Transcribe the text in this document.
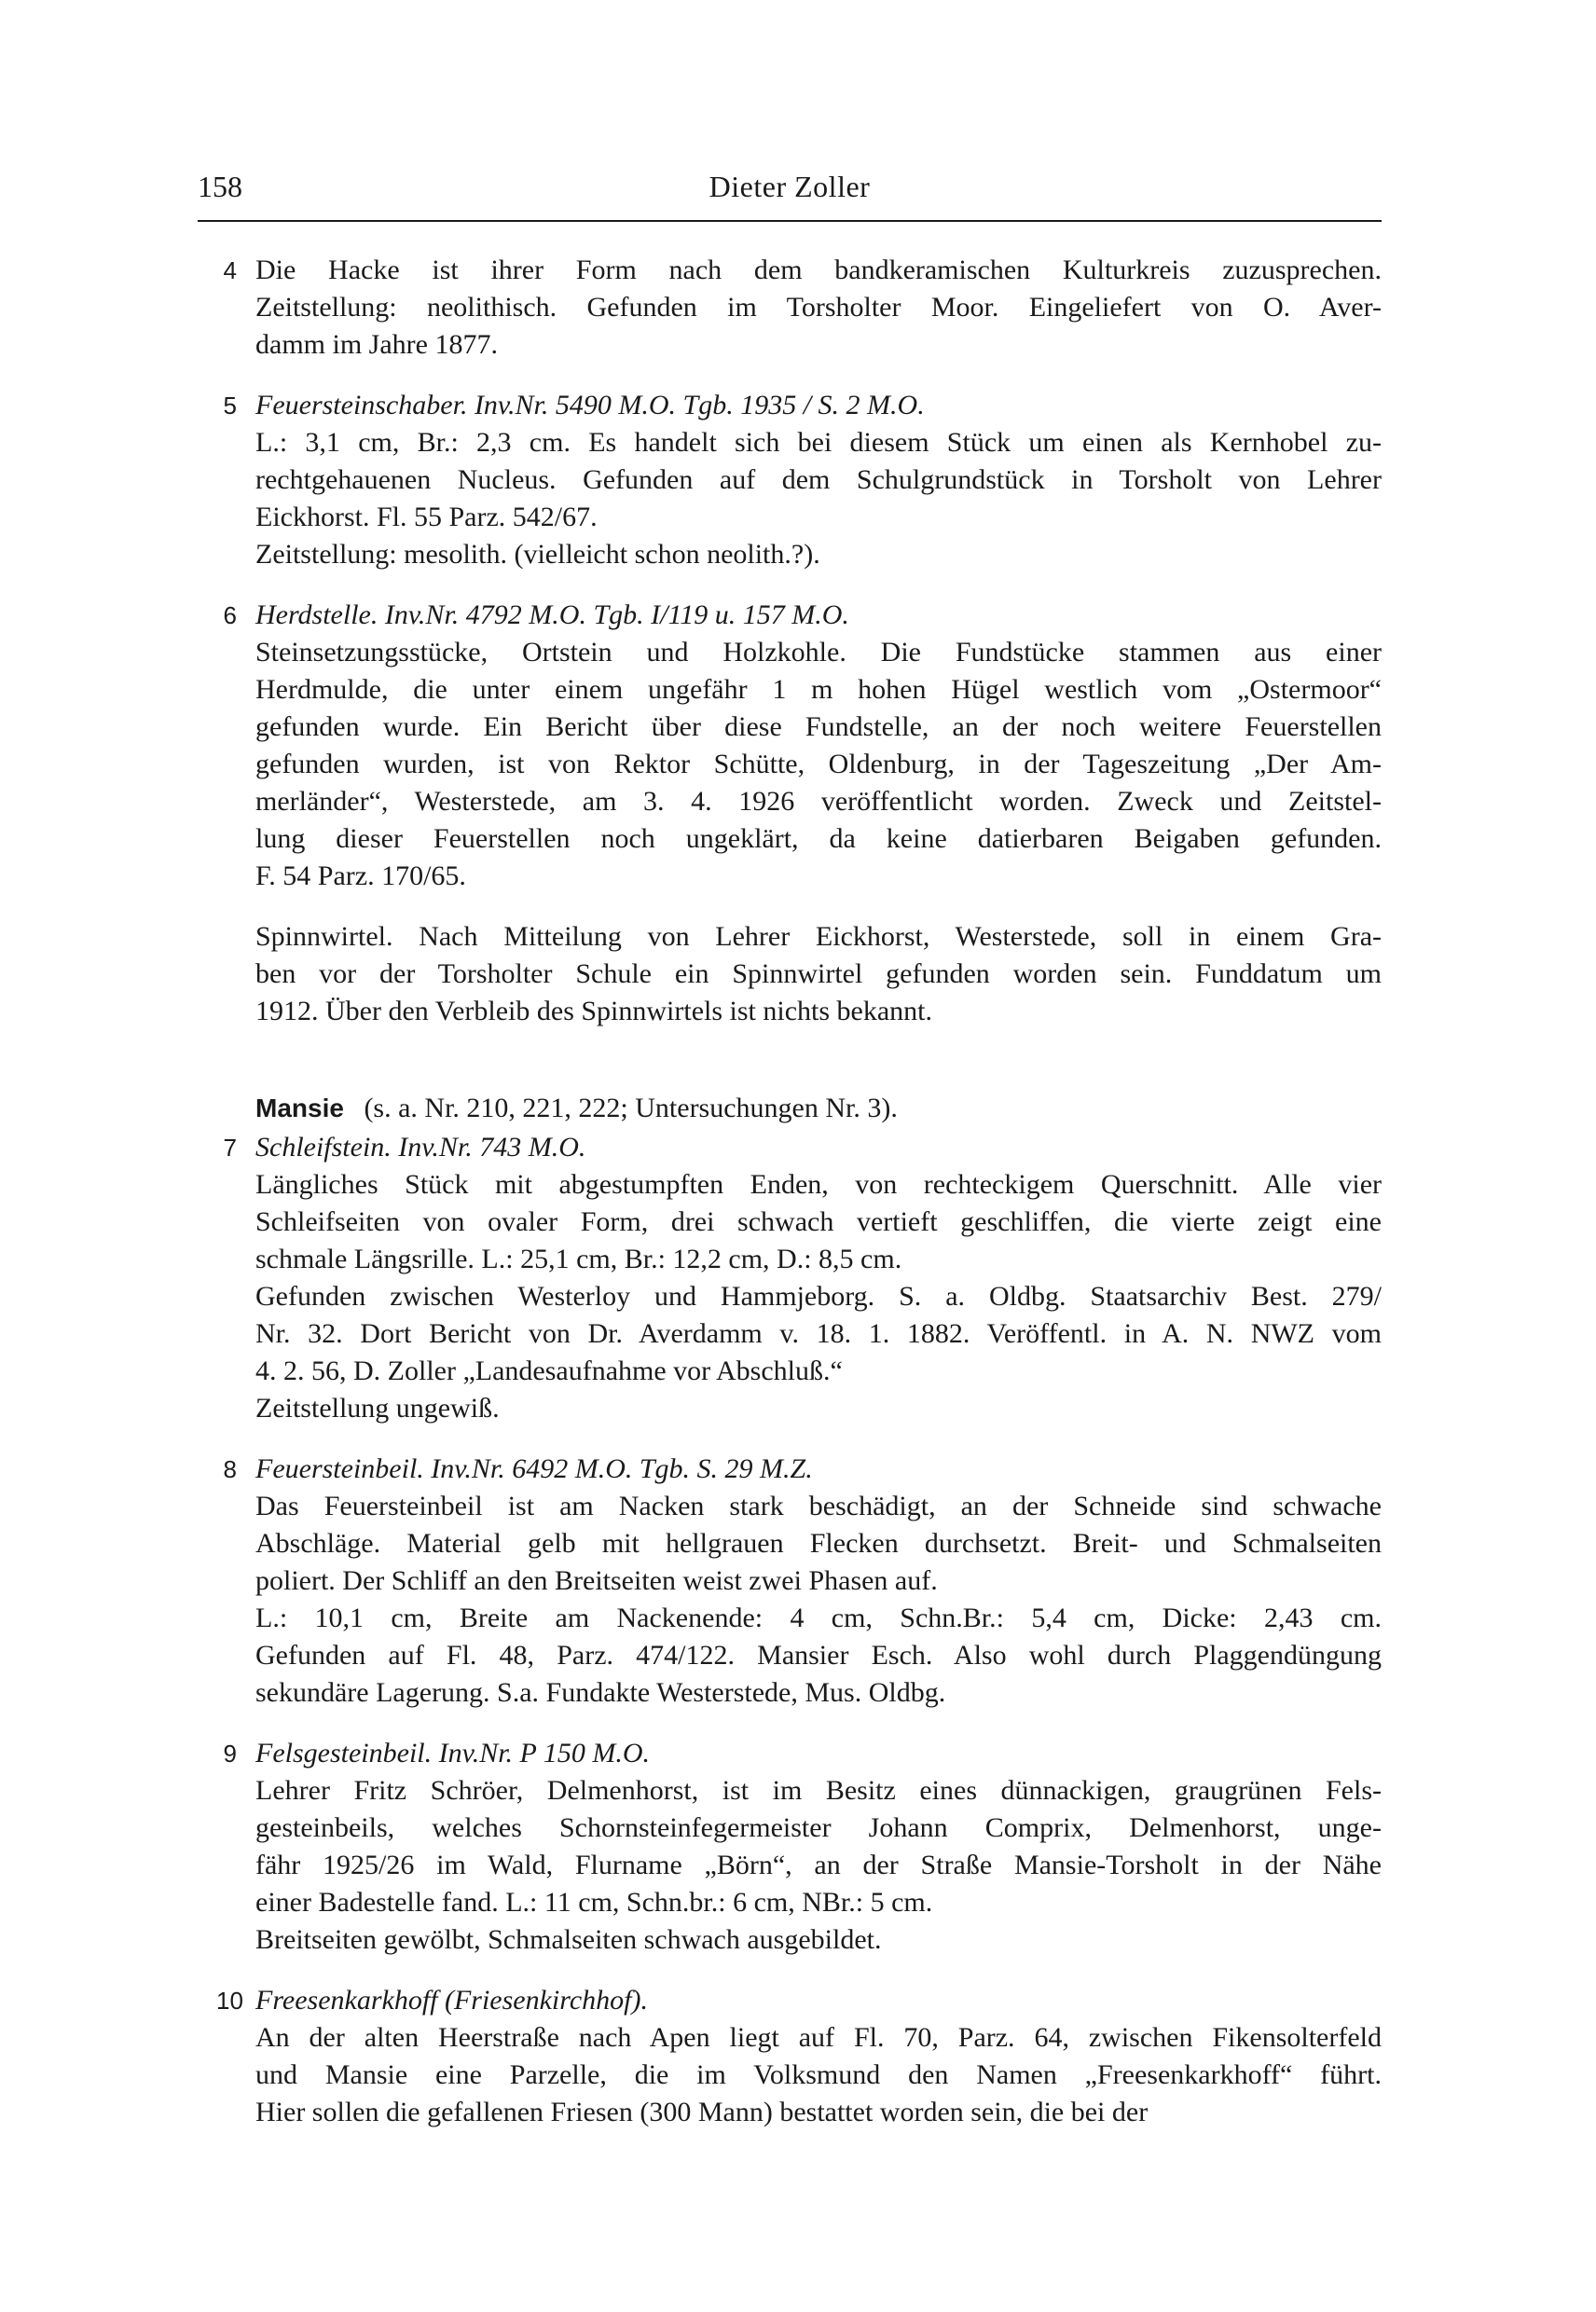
158	Dieter Zoller
4 Die Hacke ist ihrer Form nach dem bandkeramischen Kulturkreis zuzusprechen.
Zeitstellung: neolithisch. Gefunden im Torsholter Moor. Eingeliefert von O. Aver-
damm im Jahre 1877.
5 Feuersteinschaber. Inv.Nr. 5490 M.O. Tgb. 1935 / S. 2 M.O.
L.: 3,1 cm, Br.: 2,3 cm. Es handelt sich bei diesem Stück um einen als Kernhobel zu-
rechtgehauenen Nucleus. Gefunden auf dem Schulgrundstück in Torsholt von Lehrer
Eickhorst. Fl. 55 Parz. 542/67.
Zeitstellung: mesolith. (vielleicht schon neolith.?).
6 Herdstelle. Inv.Nr. 4792 M.O. Tgb. I/119 u. 157 M.O.
Steinsetzungsstücke, Ortstein und Holzkohle. Die Fundstücke stammen aus einer
Herdmulde, die unter einem ungefähr 1 m hohen Hügel westlich vom „Ostermoor“
gefunden wurde. Ein Bericht über diese Fundstelle, an der noch weitere Feuerstellen
gefunden wurden, ist von Rektor Schütte, Oldenburg, in der Tageszeitung „Der Am-
merländer“, Westerstede, am 3. 4. 1926 veröffentlicht worden. Zweck und Zeitstel-
lung dieser Feuerstellen noch ungeklärt, da keine datierbaren Beigaben gefunden.
F. 54 Parz. 170/65.
Spinnwirtel. Nach Mitteilung von Lehrer Eickhorst, Westerstede, soll in einem Gra-
ben vor der Torsholter Schule ein Spinnwirtel gefunden worden sein. Funddatum um
1912. Über den Verbleib des Spinnwirtels ist nichts bekannt.
Mansie (s. a. Nr. 210, 221, 222; Untersuchungen Nr. 3).
7 Schleifstein. Inv.Nr. 743 M.O.
Längliches Stück mit abgestumpften Enden, von rechteckigem Querschnitt. Alle vier
Schleifseiten von ovaler Form, drei schwach vertieft geschliffen, die vierte zeigt eine
schmale Längsrille. L.: 25,1 cm, Br.: 12,2 cm, D.: 8,5 cm.
Gefunden zwischen Westerloy und Hammjeborg. S. a. Oldbg. Staatsarchiv Best. 279/
Nr. 32. Dort Bericht von Dr. Averdamm v. 18. 1. 1882. Veröffentl. in A. N. NWZ vom
4. 2. 56, D. Zoller „Landesaufnahme vor Abschluß.“
Zeitstellung ungewiß.
8 Feuersteinbeil. Inv.Nr. 6492 M.O. Tgb. S. 29 M.Z.
Das Feuersteinbeil ist am Nacken stark beschädigt, an der Schneide sind schwache
Abschläge. Material gelb mit hellgrauen Flecken durchsetzt. Breit- und Schmalseiten
poliert. Der Schliff an den Breitseiten weist zwei Phasen auf.
L.: 10,1 cm, Breite am Nackenende: 4 cm, Schn.Br.: 5,4 cm, Dicke: 2,43 cm.
Gefunden auf Fl. 48, Parz. 474/122. Mansier Esch. Also wohl durch Plaggendüngung
sekundäre Lagerung. S.a. Fundakte Westerstede, Mus. Oldbg.
9 Felsgesteinbeil. Inv.Nr. P 150 M.O.
Lehrer Fritz Schröer, Delmenhorst, ist im Besitz eines dünnackigen, graugrünen Fels-
gesteinbeils, welches Schornsteinfegermeister Johann Comprix, Delmenhorst, unge-
fähr 1925/26 im Wald, Flurname „Börn“, an der Straße Mansie-Torsholt in der Nähe
einer Badestelle fand. L.: 11 cm, Schn.br.: 6 cm, NBr.: 5 cm.
Breitseiten gewölbt, Schmalseiten schwach ausgebildet.
10 Freesenkarkhoff (Friesenkirchhof).
An der alten Heerstraße nach Apen liegt auf Fl. 70, Parz. 64, zwischen Fikensolterfeld
und Mansie eine Parzelle, die im Volksmund den Namen „Freesenkarkhoff“ führt.
Hier sollen die gefallenen Friesen (300 Mann) bestattet worden sein, die bei der
